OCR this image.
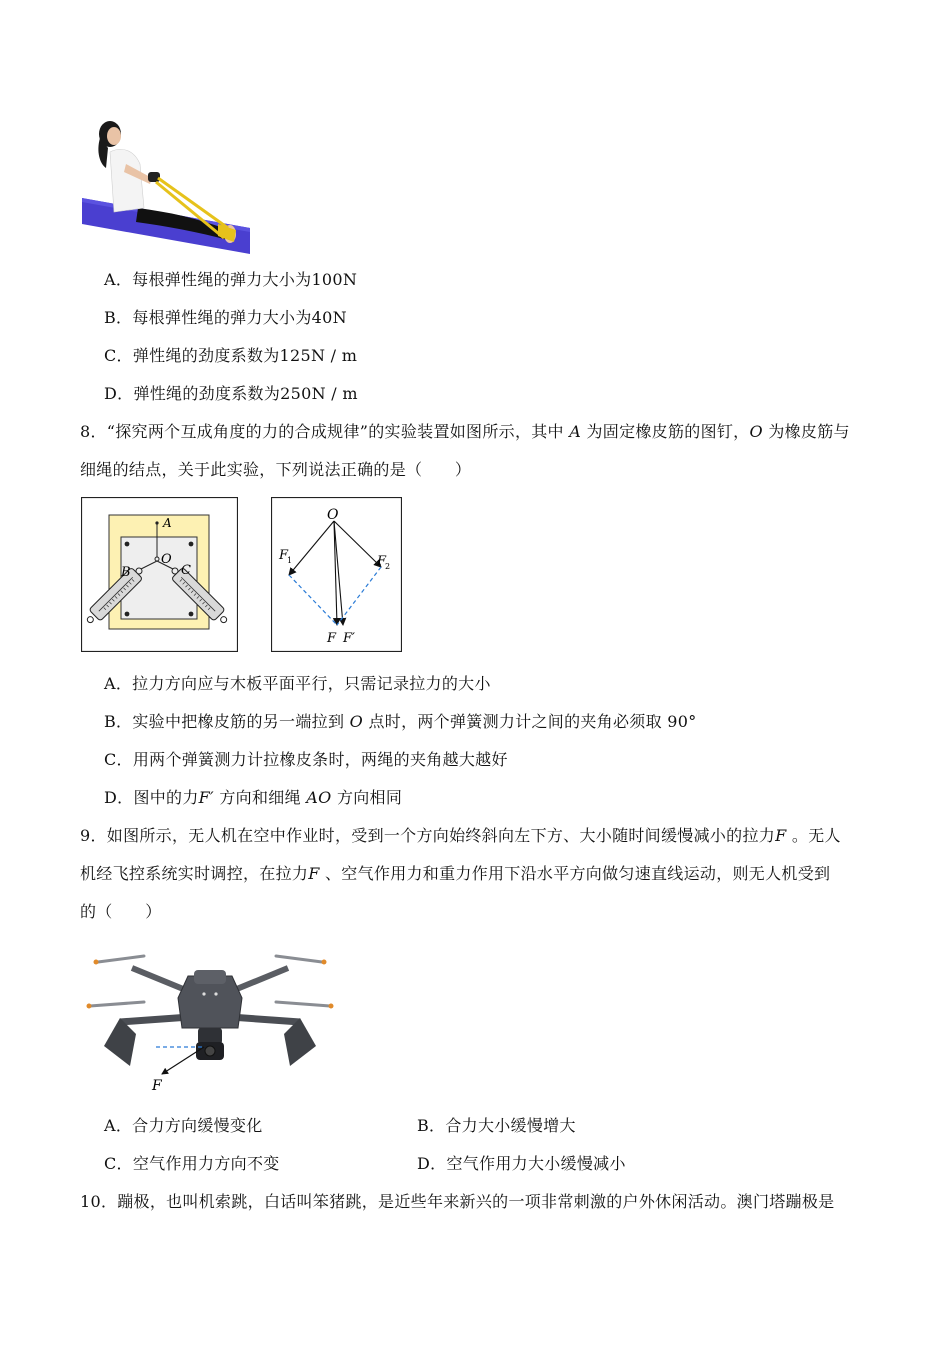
A．每根弹性绳的弹力大小为100N
B．每根弹性绳的弹力大小为40N
C．弹性绳的劲度系数为125N / m
D．弹性绳的劲度系数为250N / m
8．“探究两个互成角度的力的合成规律”的实验装置如图所示，其中 A 为固定橡皮筋的图钉，O 为橡皮筋与
细绳的结点，关于此实验，下列说法正确的是（　　）
A
O
B	C
O
F
1	F
2
F F′
A．拉力方向应与木板平面平行，只需记录拉力的大小
B．实验中把橡皮筋的另一端拉到 O 点时，两个弹簧测力计之间的夹角必须取 90°
C．用两个弹簧测力计拉橡皮条时，两绳的夹角越大越好
D．图中的力F′ 方向和细绳 AO 方向相同
9．如图所示，无人机在空中作业时，受到一个方向始终斜向左下方、大小随时间缓慢减小的拉力F 。无人
机经飞控系统实时调控，在拉力F 、空气作用力和重力作用下沿水平方向做匀速直线运动，则无人机受到
的（　　）
F
A．合力方向缓慢变化	B．合力大小缓慢增大
C．空气作用力方向不变	D．空气作用力大小缓慢减小
10．蹦极，也叫机索跳，白话叫笨猪跳，是近些年来新兴的一项非常刺激的户外休闲活动。澳门塔蹦极是
